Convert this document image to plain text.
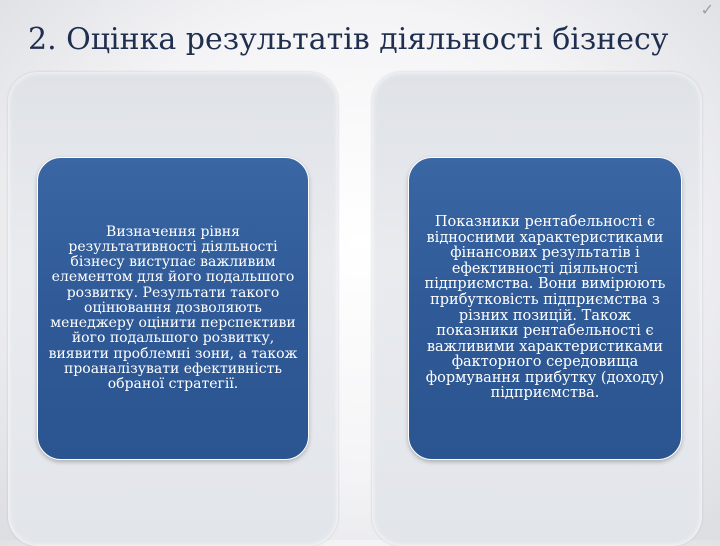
2. Оцінка результатів діяльності бізнесу
✓

Визначення рівня результативності діяльності бізнесу виступає важливим елементом для його подальшого розвитку. Результати такого оцінювання дозволяють менеджеру оцінити перспективи його подальшого розвитку, виявити проблемні зони, а також проаналізувати ефективність обраної стратегії.

Показники рентабельності є відносними характеристиками фінансових результатів і ефективності діяльності підприємства. Вони вимірюють прибутковість підприємства з різних позицій. Також показники рентабельності є важливими характеристиками факторного середовища формування прибутку (доходу) підприємства.
